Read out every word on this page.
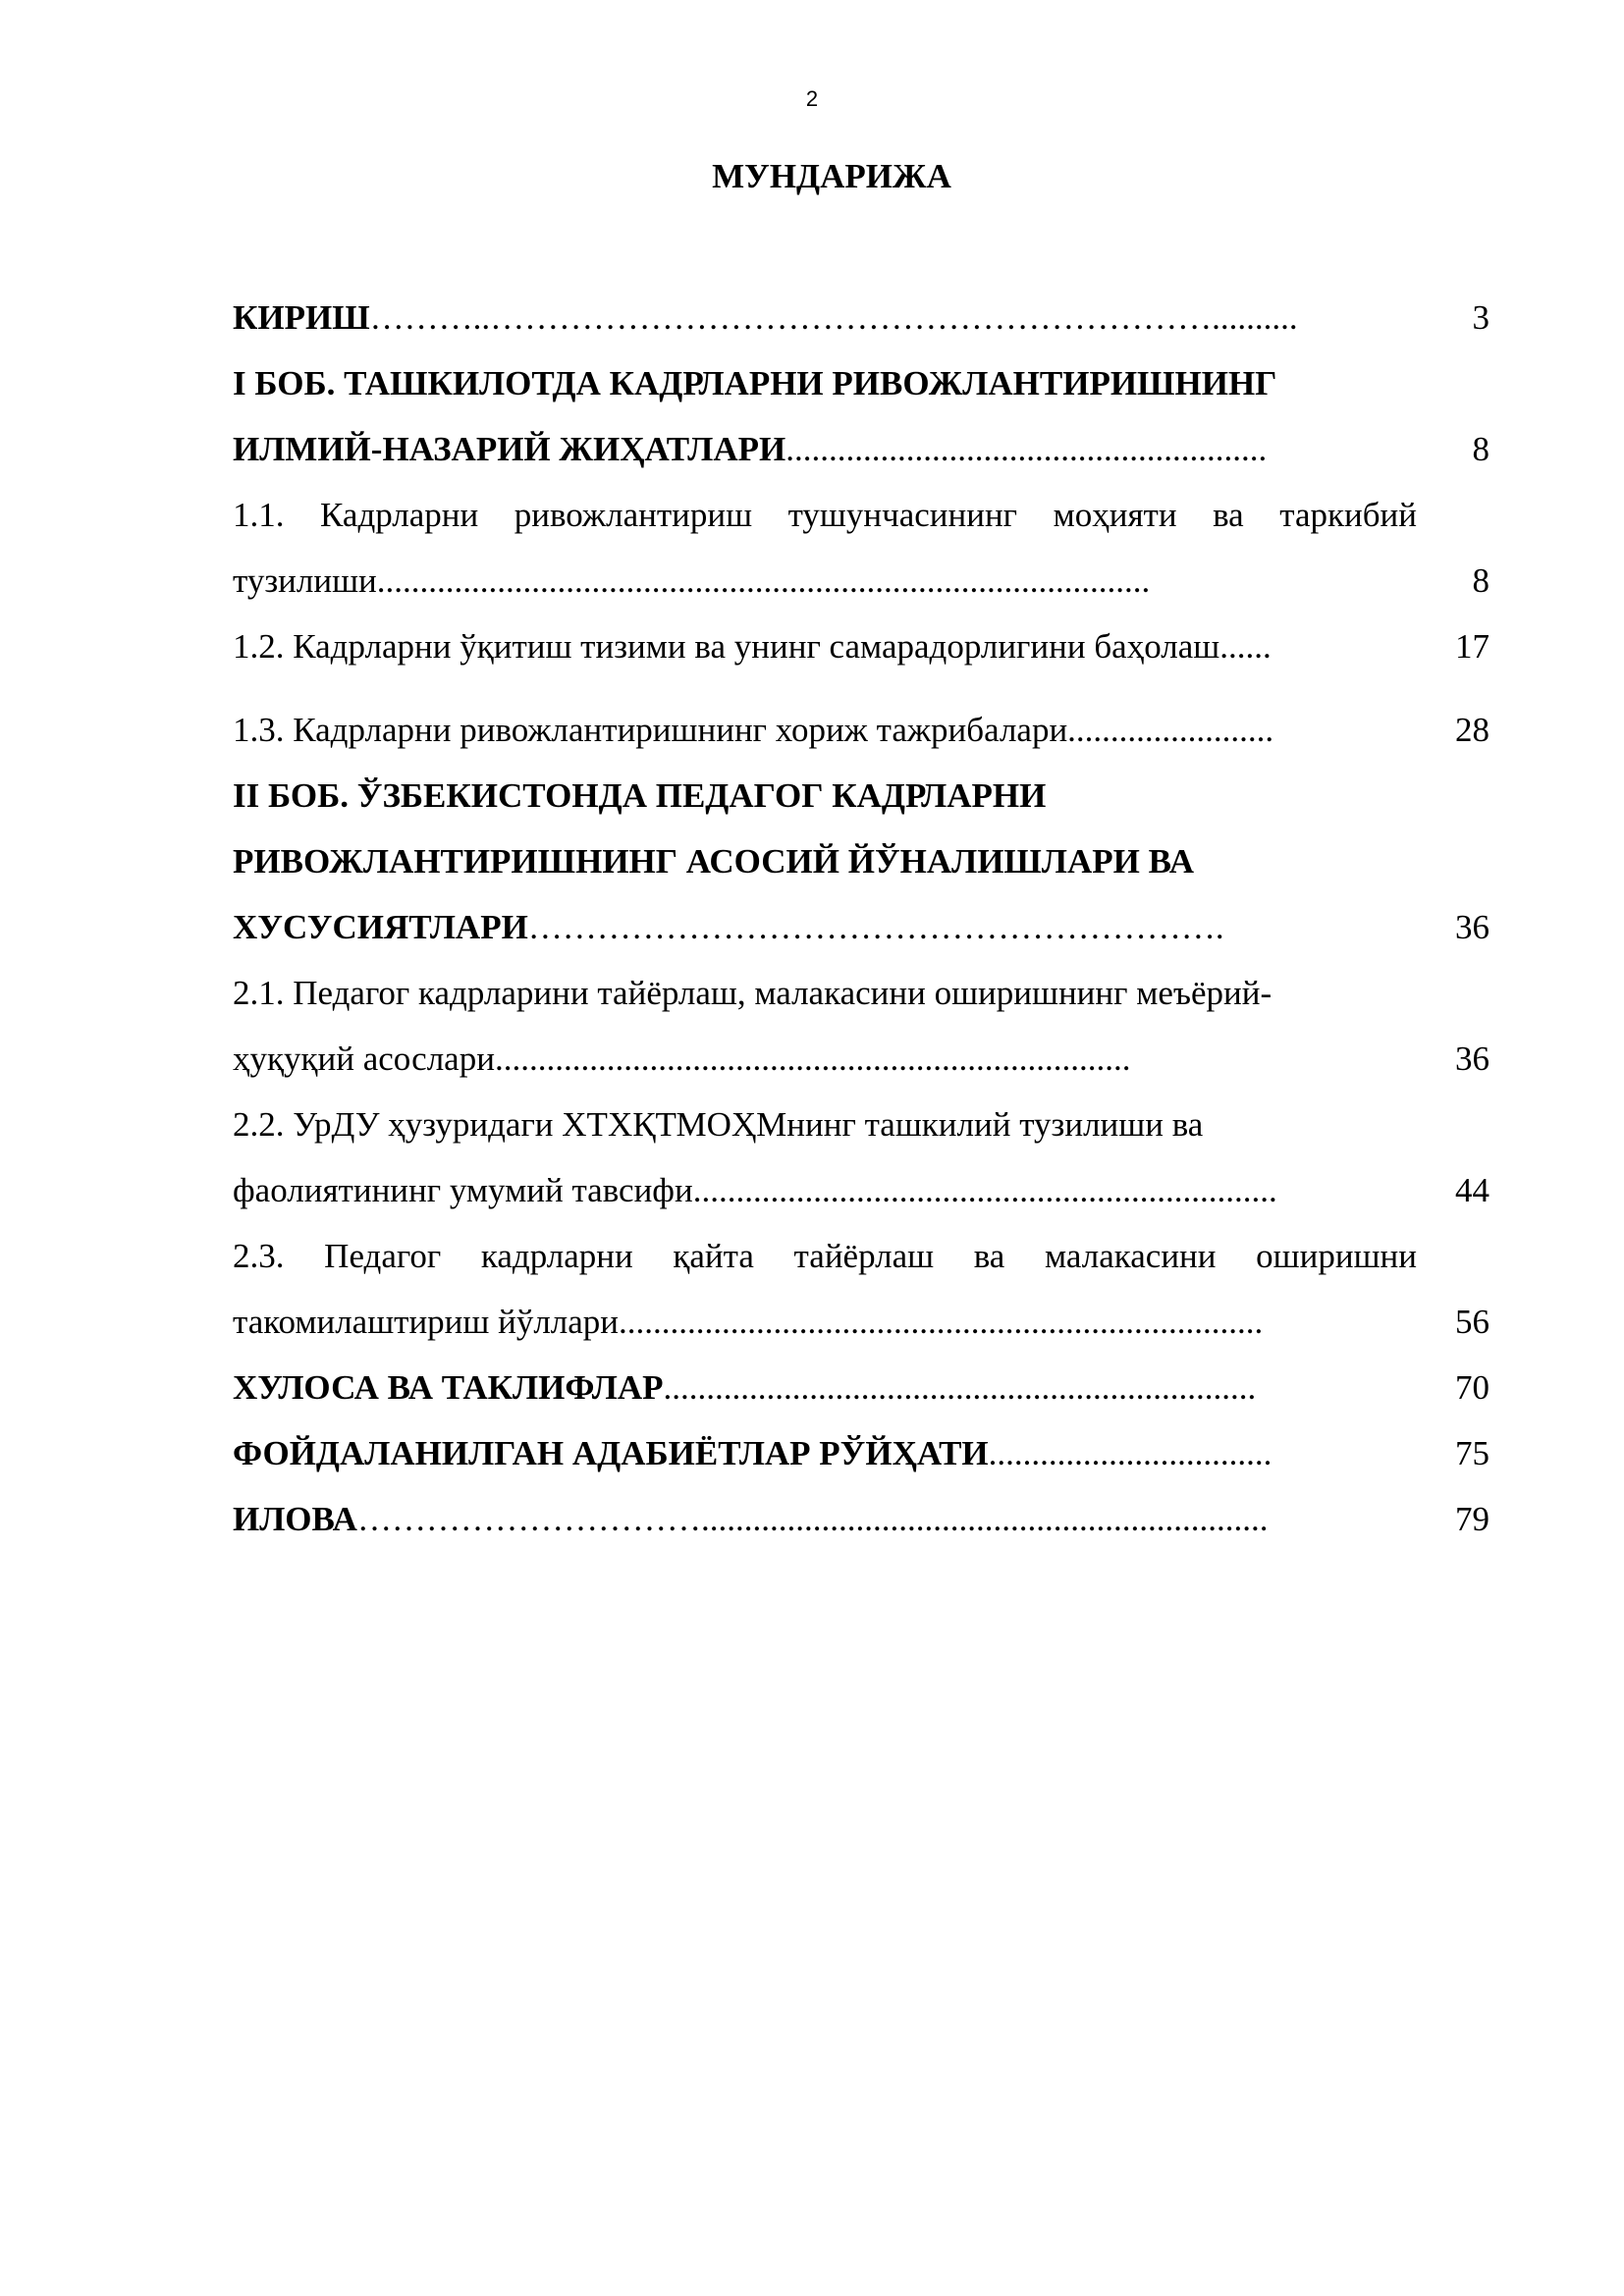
2
МУНДАРИЖА
КИРИШ………..………………………………………………………..........	3
I БОБ. ТАШКИЛОТДА КАДРЛАРНИ РИВОЖЛАНТИРИШНИНГ
ИЛМИЙ-НАЗАРИЙ ЖИҲАТЛАРИ........................................................	8
1.1. Кадрларни ривожлантириш тушунчасининг моҳияти ва таркибий
тузилиши..........................................................................................	8
1.2. Кадрларни ўқитиш тизими ва унинг самарадорлигини баҳолаш......	17
1.3. Кадрларни ривожлантиришнинг хориж тажрибалари........................	28
II БОБ. ЎЗБЕКИСТОНДА ПЕДАГОГ КАДРЛАРНИ
РИВОЖЛАНТИРИШНИНГ АСОСИЙ ЙЎНАЛИШЛАРИ ВА
ХУСУСИЯТЛАРИ…………………………………………………….	36
2.1. Педагог кадрларини тайёрлаш, малакасини оширишнинг меъёрий-
ҳуқуқий асослари..........................................................................	36
2.2. УрДУ ҳузуридаги ХТХҚТМОҲМнинг ташкилий тузилиши ва
фаолиятининг умумий тавсифи....................................................................	44
2.3. Педагог кадрларни қайта тайёрлаш ва малакасини оширишни
такомилаштириш йўллари...........................................................................	56
ХУЛОСА ВА ТАКЛИФЛАР.....................................................................	70
ФОЙДАЛАНИЛГАН АДАБИЁТЛАР РЎЙҲАТИ.................................	75
ИЛОВА…………………………..................................................................	79
